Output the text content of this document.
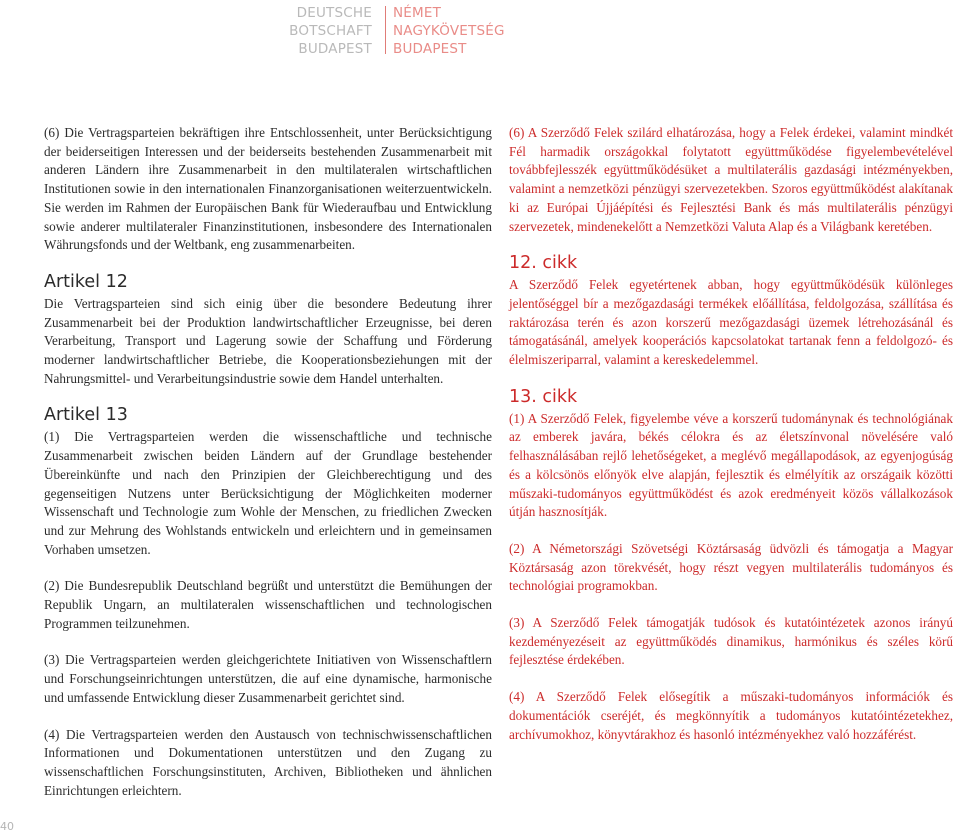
DEUTSCHE
BOTSCHAFT
BUDAPEST
NÉMET
NAGYKÖVETSÉG
BUDAPEST

(6) Die Vertragsparteien bekräftigen ihre Entschlossenheit, unter Berücksichtigung der beiderseitigen Interessen und der beiderseits bestehenden Zusammenarbeit mit anderen Ländern ihre Zusammenarbeit in den multilateralen wirtschaftlichen Institutionen sowie in den internationalen Finanzorganisationen weiterzuentwickeln. Sie werden im Rahmen der Europäischen Bank für Wiederaufbau und Entwicklung sowie anderer multilateraler Finanzinstitutionen, insbesondere des Internationalen Währungsfonds und der Weltbank, eng zusammenarbeiten.

Artikel 12

Die Vertragsparteien sind sich einig über die besondere Bedeutung ihrer Zusammenarbeit bei der Produktion landwirtschaftlicher Erzeugnisse, bei deren Verarbeitung, Transport und Lagerung sowie der Schaffung und Förderung moderner landwirtschaftlicher Betriebe, die Kooperationsbeziehungen mit der Nahrungsmittel- und Verarbeitungsindustrie sowie dem Handel unterhalten.

Artikel 13

(1) Die Vertragsparteien werden die wissenschaftliche und technische Zusammenarbeit zwischen beiden Ländern auf der Grundlage bestehender Übereinkünfte und nach den Prinzipien der Gleichberechtigung und des gegenseitigen Nutzens unter Berücksichtigung der Möglichkeiten moderner Wissenschaft und Technologie zum Wohle der Menschen, zu friedlichen Zwecken und zur Mehrung des Wohlstands entwickeln und erleichtern und in gemeinsamen Vorhaben umsetzen.

(2) Die Bundesrepublik Deutschland begrüßt und unterstützt die Bemühungen der Republik Ungarn, an multilateralen wissenschaftlichen und technologischen Programmen teilzunehmen.

(3) Die Vertragsparteien werden gleichgerichtete Initiativen von Wissenschaftlern und Forschungseinrichtungen unterstützen, die auf eine dynamische, harmonische und umfassende Entwicklung dieser Zusammenarbeit gerichtet sind.

(4) Die Vertragsparteien werden den Austausch von technischwissenschaftlichen Informationen und Dokumentationen unterstützen und den Zugang zu wissenschaftlichen Forschungsinstituten, Archiven, Bibliotheken und ähnlichen Einrichtungen erleichtern.

(6) A Szerződő Felek szilárd elhatározása, hogy a Felek érdekei, valamint mindkét Fél harmadik országokkal folytatott együttműködése figyelembevételével továbbfejlesszék együttműködésüket a multilaterális gazdasági intézményekben, valamint a nemzetközi pénzügyi szervezetekben. Szoros együttműködést alakítanak ki az Európai Újjáépítési és Fejlesztési Bank és más multilaterális pénzügyi szervezetek, mindenekelőtt a Nemzetközi Valuta Alap és a Világbank keretében.

12. cikk

A Szerződő Felek egyetértenek abban, hogy együttműködésük különleges jelentőséggel bír a mezőgazdasági termékek előállítása, feldolgozása, szállítása és raktározása terén és azon korszerű mezőgazdasági üzemek létrehozásánál és támogatásánál, amelyek kooperációs kapcsolatokat tartanak fenn a feldolgozó- és élelmiszeriparral, valamint a kereskedelemmel.

13. cikk

(1) A Szerződő Felek, figyelembe véve a korszerű tudománynak és technológiának az emberek javára, békés célokra és az életszínvonal növelésére való felhasználásában rejlő lehetőségeket, a meglévő megállapodások, az egyenjogúság és a kölcsönös előnyök elve alapján, fejlesztik és elmélyítik az országaik közötti műszaki-tudományos együttműködést és azok eredményeit közös vállalkozások útján hasznosítják.

(2) A Németországi Szövetségi Köztársaság üdvözli és támogatja a Magyar Köztársaság azon törekvését, hogy részt vegyen multilaterális tudományos és technológiai programokban.

(3) A Szerződő Felek támogatják tudósok és kutatóintézetek azonos irányú kezdeményezéseit az együttműködés dinamikus, harmónikus és széles körű fejlesztése érdekében.

(4) A Szerződő Felek elősegítik a műszaki-tudományos információk és dokumentációk cseréjét, és megkönnyítik a tudományos kutatóintézetekhez, archívumokhoz, könyvtárakhoz és hasonló intézményekhez való hozzáférést.

40
